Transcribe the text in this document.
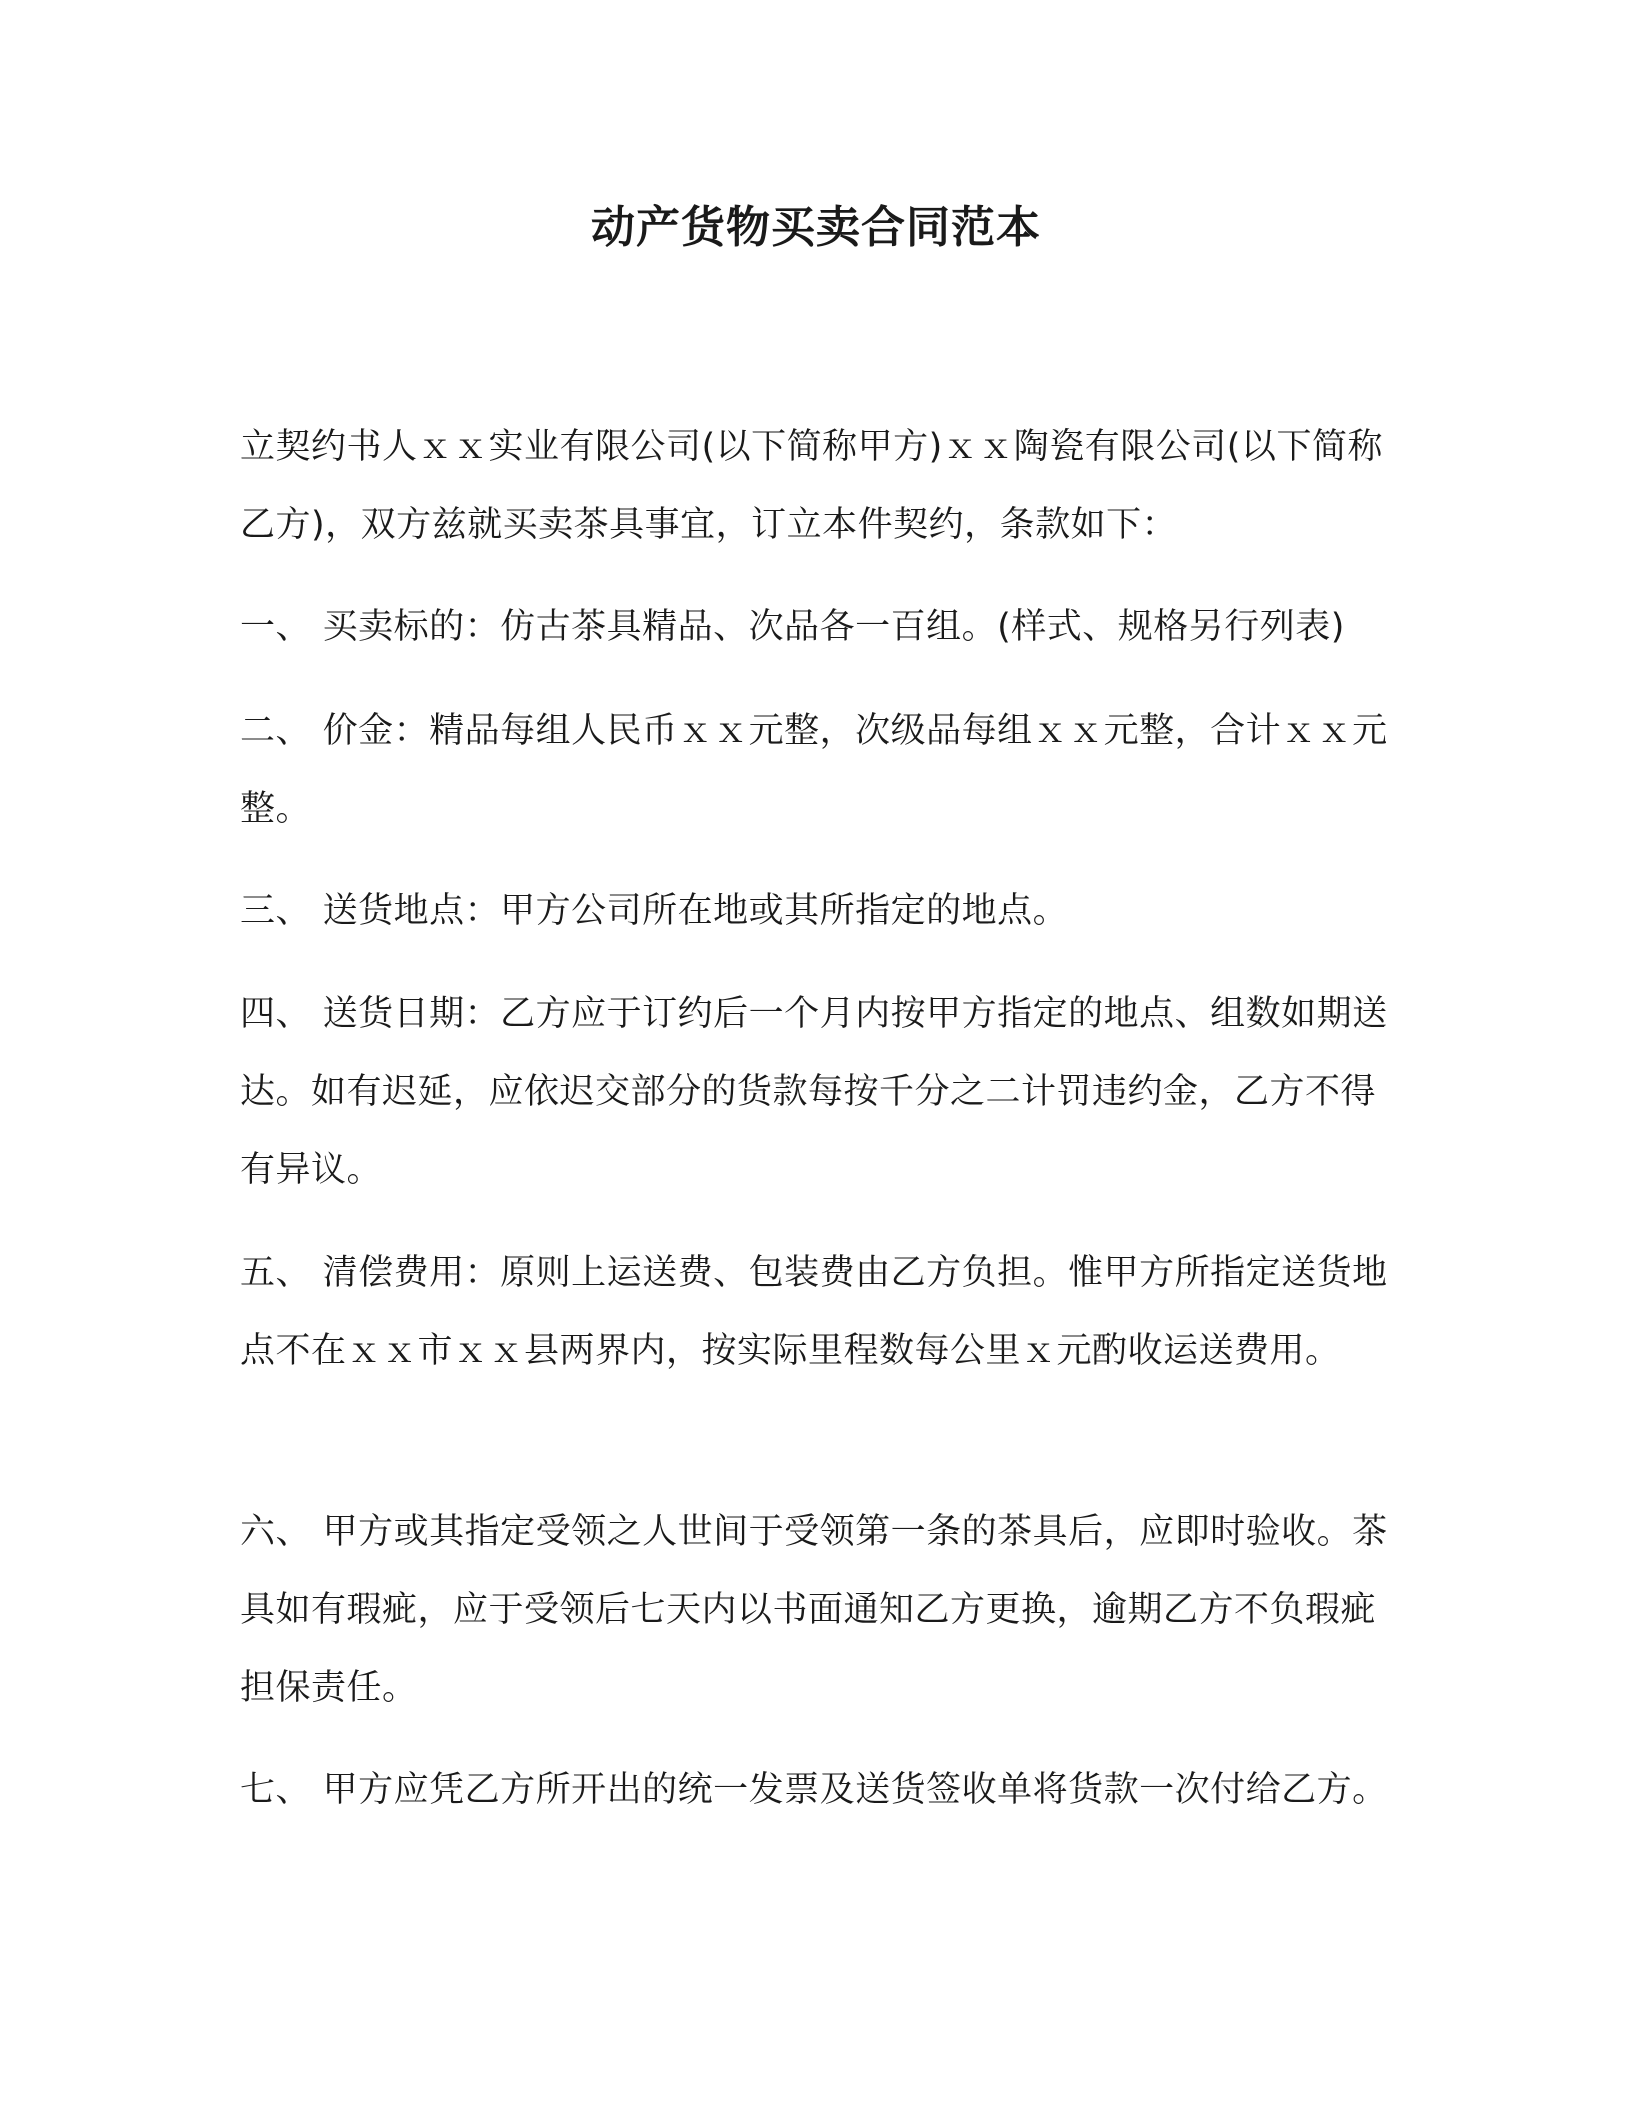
动产货物买卖合同范本

立契约书人ｘｘ实业有限公司(以下简称甲方)ｘｘ陶瓷有限公司(以下简称乙方)，双方兹就买卖茶具事宜，订立本件契约，条款如下：

一、 买卖标的：仿古茶具精品、次品各一百组。(样式、规格另行列表)

二、 价金：精品每组人民币ｘｘ元整，次级品每组ｘｘ元整，合计ｘｘ元整。

三、 送货地点：甲方公司所在地或其所指定的地点。

四、 送货日期：乙方应于订约后一个月内按甲方指定的地点、组数如期送达。如有迟延，应依迟交部分的货款每按千分之二计罚违约金，乙方不得有异议。

五、 清偿费用：原则上运送费、包装费由乙方负担。惟甲方所指定送货地点不在ｘｘ市ｘｘ县两界内，按实际里程数每公里ｘ元酌收运送费用。

六、 甲方或其指定受领之人世间于受领第一条的茶具后，应即时验收。茶具如有瑕疵，应于受领后七天内以书面通知乙方更换，逾期乙方不负瑕疵担保责任。

七、 甲方应凭乙方所开出的统一发票及送货签收单将货款一次付给乙方。
